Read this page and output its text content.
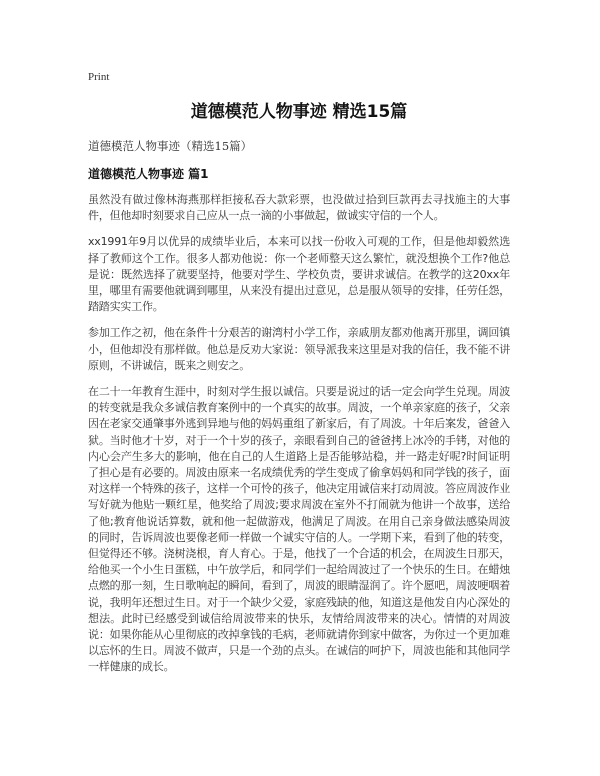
Print
道德模范人物事迹 精选15篇

道德模范人物事迹（精选15篇）

道德模范人物事迹 篇1

虽然没有做过像林海燕那样拒接私吞大款彩票，也没做过拾到巨款再去寻找施主的大事件，但他却时刻要求自己应从一点一滴的小事做起，做诚实守信的一个人。

xx1991年9月以优异的成绩毕业后，本来可以找一份收入可观的工作，但是他却毅然选择了教师这个工作。很多人都劝他说：你一个老师整天这么繁忙，就没想换个工作?他总是说：既然选择了就要坚持，他要对学生、学校负责，要讲求诚信。在教学的这20xx年里，哪里有需要他就调到哪里，从来没有提出过意见，总是服从领导的安排，任劳任怨，踏踏实实工作。

参加工作之初，他在条件十分艰苦的谢湾村小学工作，亲戚朋友都劝他离开那里，调回镇小，但他却没有那样做。他总是反劝大家说：领导派我来这里是对我的信任，我不能不讲原则，不讲诚信，既来之则安之。

在二十一年教育生涯中，时刻对学生报以诚信。只要是说过的话一定会向学生兑现。周波的转变就是我众多诚信教育案例中的一个真实的故事。周波，一个单亲家庭的孩子，父亲因在老家交通肇事外逃到异地与他的妈妈重组了新家后，有了周波。十年后案发，爸爸入狱。当时他才十岁，对于一个十岁的孩子，亲眼看到自己的爸爸拷上冰冷的手铐，对他的内心会产生多大的影响，他在自己的人生道路上是否能够站稳，并一路走好呢?时间证明了担心是有必要的。周波由原来一名成绩优秀的学生变成了偷拿妈妈和同学钱的孩子，面对这样一个特殊的孩子，这样一个可怜的孩子，他决定用诚信来打动周波。答应周波作业写好就为他贴一颗红星，他奖给了周波;要求周波在室外不打闹就为他讲一个故事，送给了他;教育他说话算数，就和他一起做游戏，他满足了周波。在用自己亲身做法感染周波的同时，告诉周波也要像老师一样做一个诚实守信的人。一学期下来，看到了他的转变，但觉得还不够。浇树浇根，育人育心。于是，他找了一个合适的机会，在周波生日那天，给他买一个小生日蛋糕，中午放学后，和同学们一起给周波过了一个快乐的生日。在蜡烛点燃的那一刻，生日歌响起的瞬间，看到了，周波的眼睛湿润了。许个愿吧，周波哽咽着说，我明年还想过生日。对于一个缺少父爱，家庭残缺的他，知道这是他发自内心深处的想法。此时已经感受到诚信给周波带来的快乐，友情给周波带来的决心。情情的对周波说：如果你能从心里彻底的改掉拿钱的毛病，老师就请你到家中做客，为你过一个更加难以忘怀的生日。周波不做声，只是一个劲的点头。在诚信的呵护下，周波也能和其他同学一样健康的成长。
